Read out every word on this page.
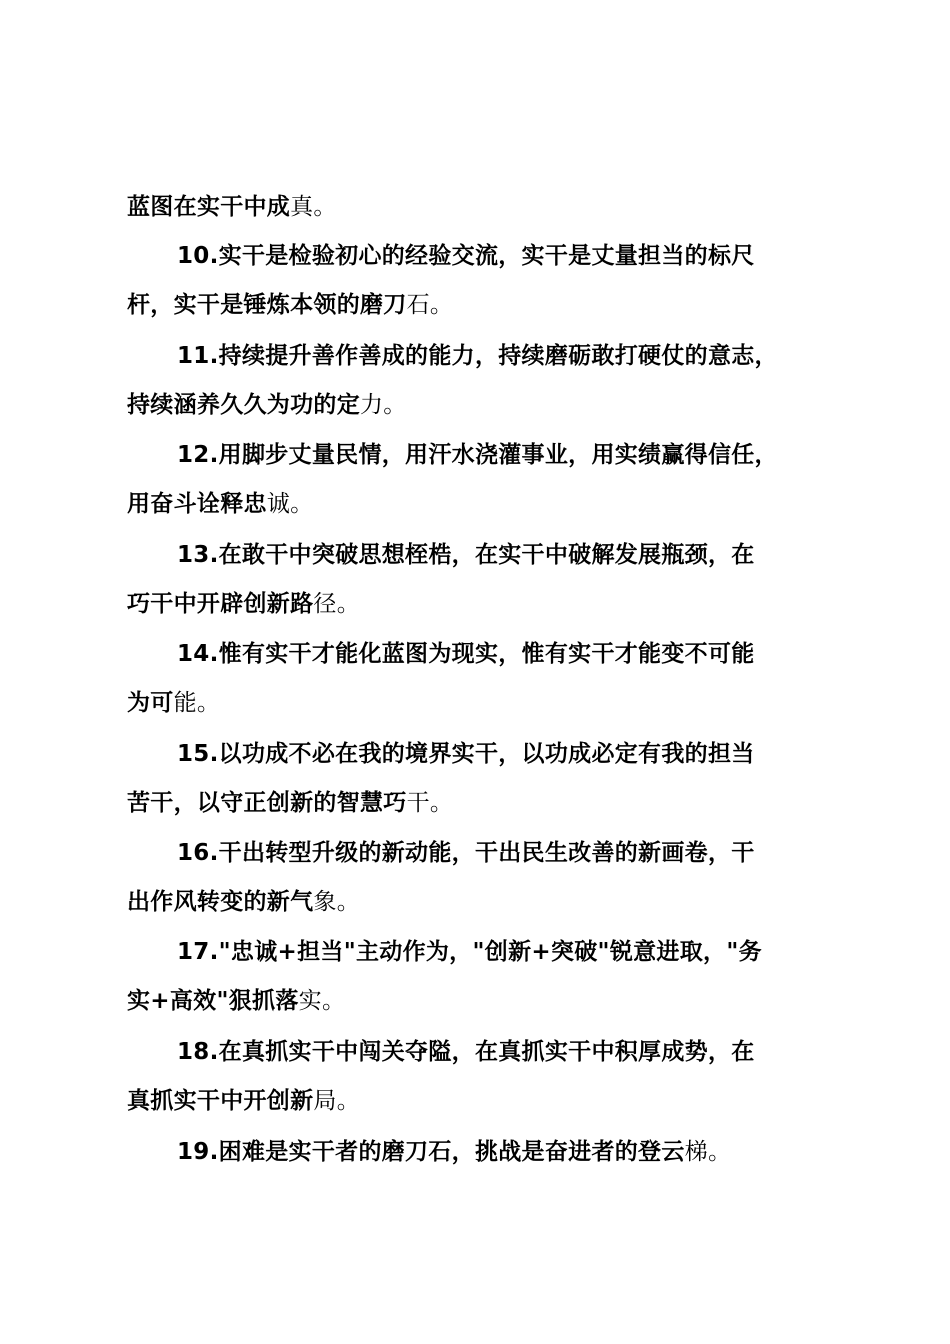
蓝图在实干中成真。
10.实干是检验初心的经验交流，实干是丈量担当的标尺
杆，实干是锤炼本领的磨刀石。
11.持续提升善作善成的能力，持续磨砺敢打硬仗的意志，
持续涵养久久为功的定力。
12.用脚步丈量民情，用汗水浇灌事业，用实绩赢得信任，
用奋斗诠释忠诚。
13.在敢干中突破思想桎梏，在实干中破解发展瓶颈，在
巧干中开辟创新路径。
14.惟有实干才能化蓝图为现实，惟有实干才能变不可能
为可能。
15.以功成不必在我的境界实干，以功成必定有我的担当
苦干，以守正创新的智慧巧干。
16.干出转型升级的新动能，干出民生改善的新画卷，干
出作风转变的新气象。
17."忠诚+担当"主动作为，"创新+突破"锐意进取，"务
实+高效"狠抓落实。
18.在真抓实干中闯关夺隘，在真抓实干中积厚成势，在
真抓实干中开创新局。
19.困难是实干者的磨刀石，挑战是奋进者的登云梯。
